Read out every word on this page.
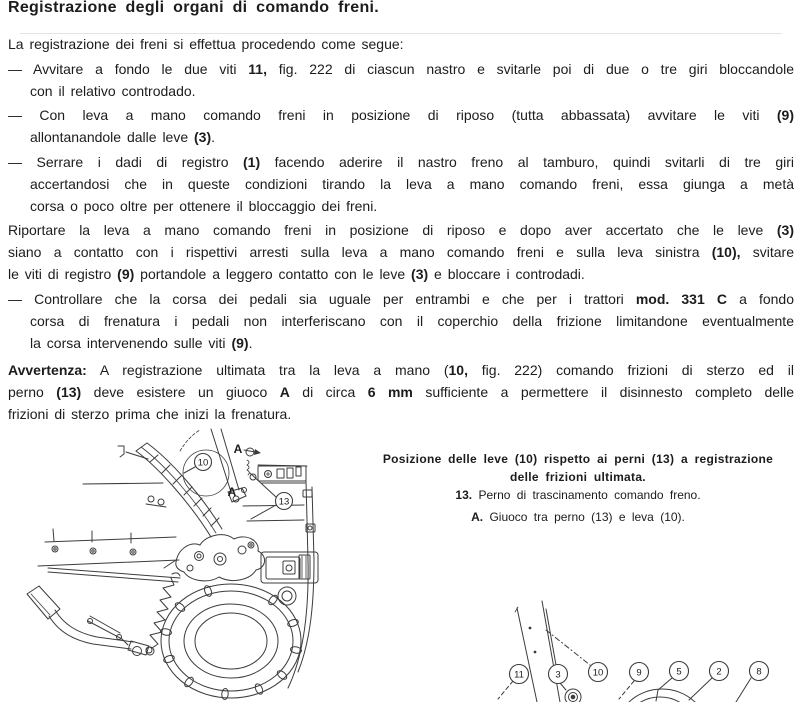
Registrazione degli organi di comando freni.
La registrazione dei freni si effettua procedendo come segue:
— Avvitare a fondo le due viti 11, fig. 222 di ciascun nastro e svitarle poi di due o tre giri bloccandole
con il relativo controdado.
— Con leva a mano comando freni in posizione di riposo (tutta abbassata) avvitare le viti (9)
allontanandole dalle leve (3).
— Serrare i dadi di registro (1) facendo aderire il nastro freno al tamburo, quindi svitarli di tre giri
accertandosi che in queste condizioni tirando la leva a mano comando freni, essa giunga a metà
corsa o poco oltre per ottenere il bloccaggio dei freni.
Riportare la leva a mano comando freni in posizione di riposo e dopo aver accertato che le leve (3)
siano a contatto con i rispettivi arresti sulla leva a mano comando freni e sulla leva sinistra (10), svitare
le viti di registro (9) portandole a leggero contatto con le leve (3) e bloccare i controdadi.
— Controllare che la corsa dei pedali sia uguale per entrambi e che per i trattori mod. 331 C a fondo
corsa di frenatura i pedali non interferiscano con il coperchio della frizione limitandone eventualmente
la corsa intervenendo sulle viti (9).
Avvertenza: A registrazione ultimata tra la leva a mano (10, fig. 222) comando frizioni di sterzo ed il
perno (13) deve esistere un giuoco A di circa 6 mm sufficiente a permettere il disinnesto completo delle
frizioni di sterzo prima che inizi la frenatura.
Posizione delle leve (10) rispetto ai perni (13) a registrazione
delle frizioni ultimata.
13. Perno di trascinamento comando freno.
A. Giuoco tra perno (13) e leva (10).
A
A
10
13
11	3	10	9	5	2	8
